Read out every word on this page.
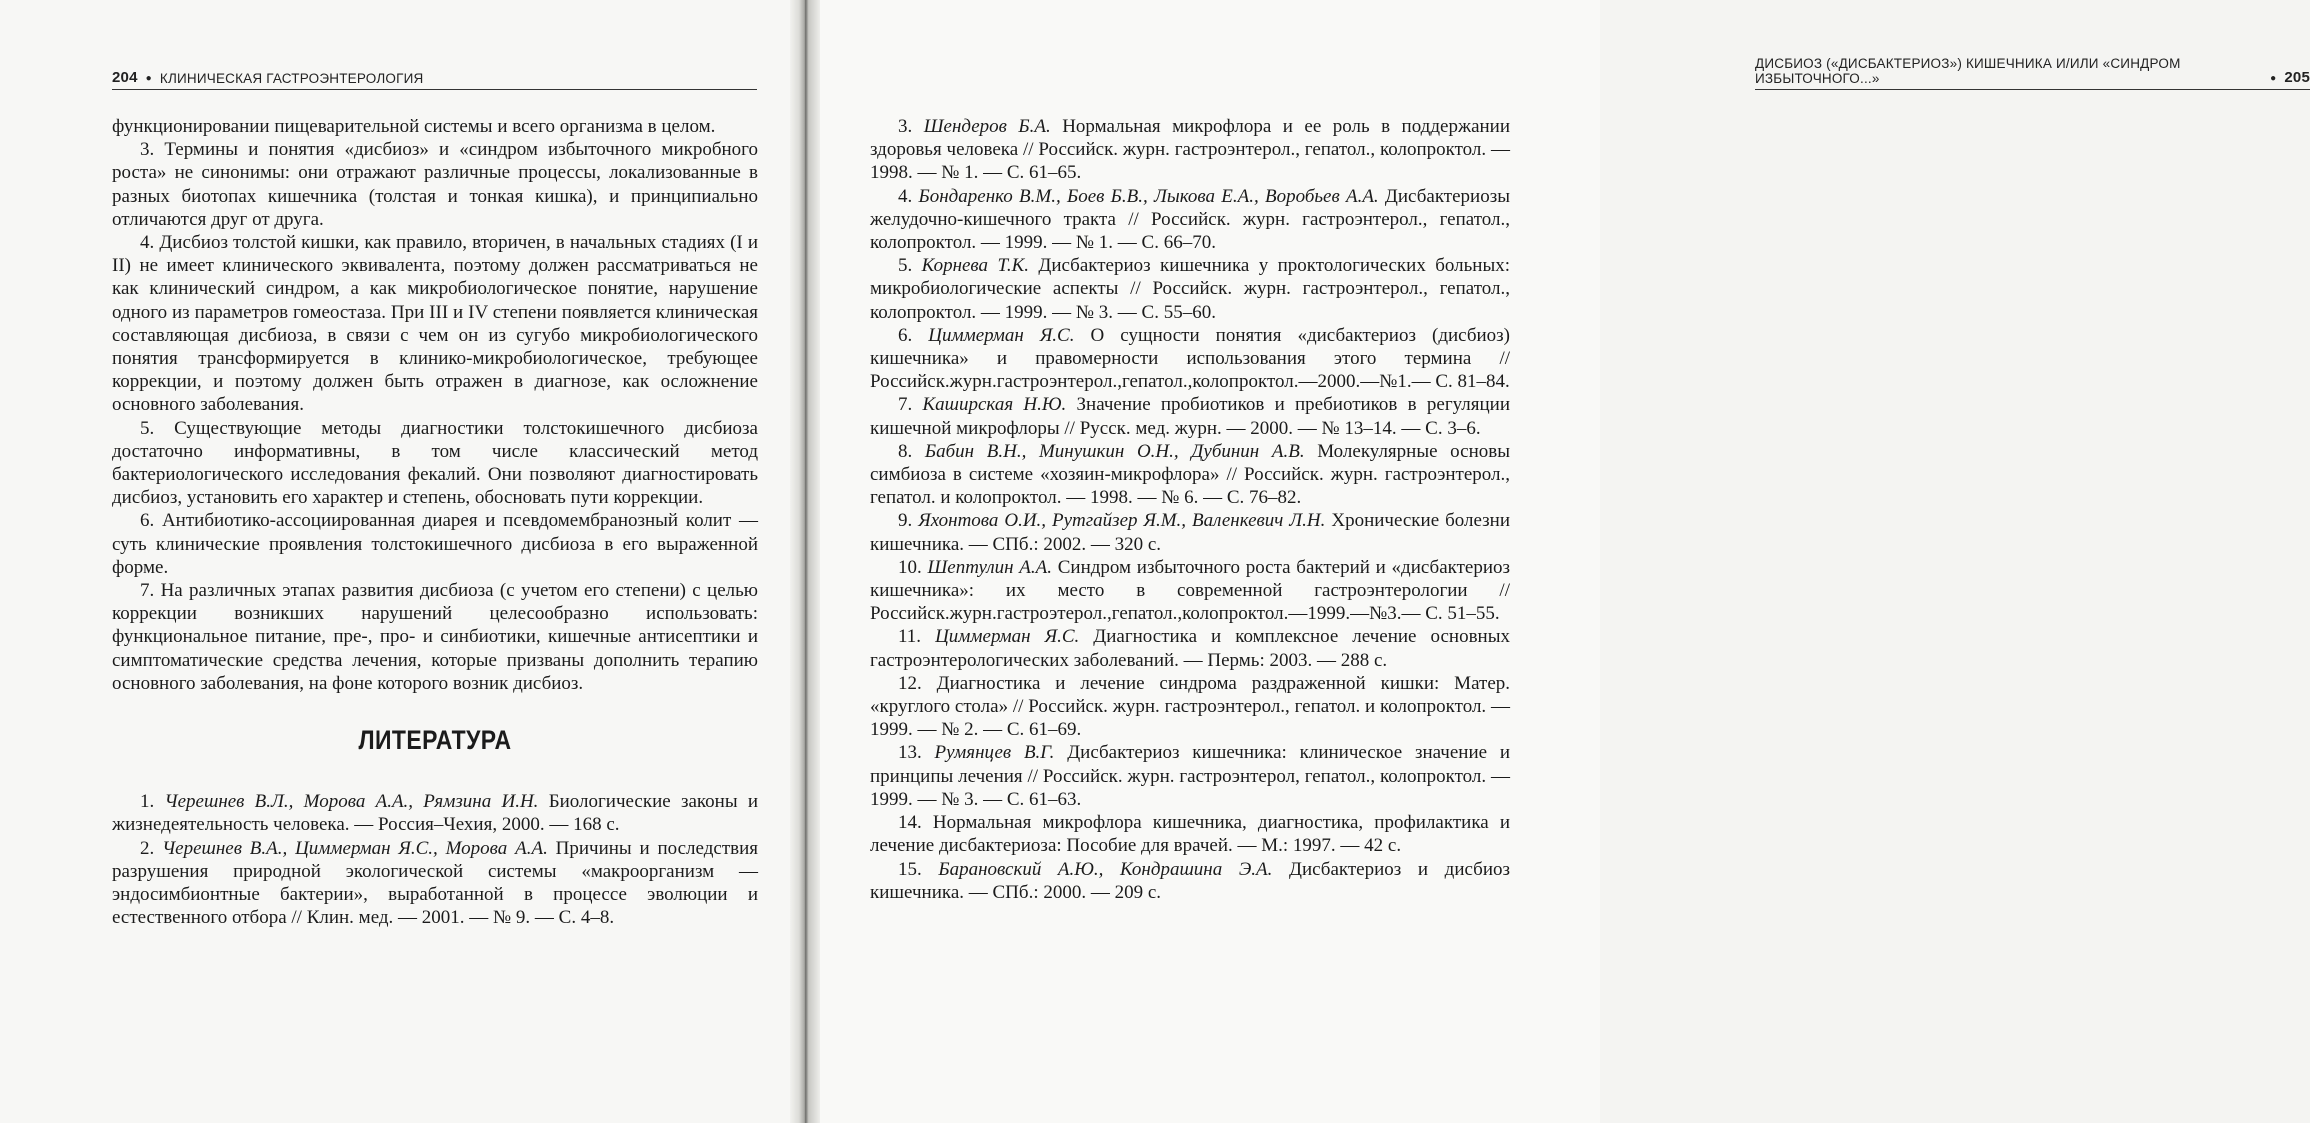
204 ● КЛИНИЧЕСКАЯ ГАСТРОЭНТЕРОЛОГИЯ

функционировании пищеварительной системы и всего организма в целом.

3. Термины и понятия «дисбиоз» и «синдром избыточного микробного роста» не синонимы: они отражают различные процессы, локализованные в разных биотопах кишечника (толстая и тонкая кишка), и принципиально отличаются друг от друга.

4. Дисбиоз толстой кишки, как правило, вторичен, в начальных стадиях (I и II) не имеет клинического эквивалента, поэтому должен рассматриваться не как клинический синдром, а как микробиологическое понятие, нарушение одного из параметров гомеостаза. При III и IV степени появляется клиническая составляющая дисбиоза, в связи с чем он из сугубо микробиологического понятия трансформируется в клинико-микробиологическое, требующее коррекции, и поэтому должен быть отражен в диагнозе, как осложнение основного заболевания.

5. Существующие методы диагностики толстокишечного дисбиоза достаточно информативны, в том числе классический метод бактериологического исследования фекалий. Они позволяют диагностировать дисбиоз, установить его характер и степень, обосновать пути коррекции.

6. Антибиотико-ассоциированная диарея и псевдомембранозный колит — суть клинические проявления толстокишечного дисбиоза в его выраженной форме.

7. На различных этапах развития дисбиоза (с учетом его степени) с целью коррекции возникших нарушений целесообразно использовать: функциональное питание, пре-, про- и синбиотики, кишечные антисептики и симптоматические средства лечения, которые призваны дополнить терапию основного заболевания, на фоне которого возник дисбиоз.

ЛИТЕРАТУРА

1. Черешнев В.Л., Морова А.А., Рямзина И.Н. Биологические законы и жизнедеятельность человека. — Россия–Чехия, 2000. — 168 с.

2. Черешнев В.А., Циммерман Я.С., Морова А.А. Причины и последствия разрушения природной экологической системы «макроорганизм — эндосимбионтные бактерии», выработанной в процессе эволюции и естественного отбора // Клин. мед. — 2001. — № 9. — С. 4–8.

ДИСБИОЗ («ДИСБАКТЕРИОЗ») КИШЕЧНИКА И/ИЛИ «СИНДРОМ ИЗБЫТОЧНОГО...»	● 205

3. Шендеров Б.А. Нормальная микрофлора и ее роль в поддержании здоровья человека // Российск. журн. гастроэнтерол., гепатол., колопроктол. — 1998. — № 1. — С. 61–65.

4. Бондаренко В.М., Боев Б.В., Лыкова Е.А., Воробьев А.А. Дисбактериозы желудочно-кишечного тракта // Российск. журн. гастроэнтерол., гепатол., колопроктол. — 1999. — № 1. — С. 66–70.

5. Корнева Т.К. Дисбактериоз кишечника у проктологических больных: микробиологические аспекты // Российск. журн. гастроэнтерол., гепатол., колопроктол. — 1999. — № 3. — С. 55–60.

6. Циммерман Я.С. О сущности понятия «дисбактериоз (дисбиоз) кишечника» и правомерности использования этого термина // Российск.журн.гастроэнтерол.,гепатол.,колопроктол.—2000.—№1.— С. 81–84.

7. Каширская Н.Ю. Значение пробиотиков и пребиотиков в регуляции кишечной микрофлоры // Русск. мед. журн. — 2000. — № 13–14. — С. 3–6.

8. Бабин В.Н., Минушкин О.Н., Дубинин А.В. Молекулярные основы симбиоза в системе «хозяин-микрофлора» // Российск. журн. гастроэнтерол., гепатол. и колопроктол. — 1998. — № 6. — С. 76–82.

9. Яхонтова О.И., Рутгайзер Я.М., Валенкевич Л.Н. Хронические болезни кишечника. — СПб.: 2002. — 320 с.

10. Шептулин А.А. Синдром избыточного роста бактерий и «дисбактериоз кишечника»: их место в современной гастроэнтерологии // Российск.журн.гастроэтерол.,гепатол.,колопроктол.—1999.—№3.— С. 51–55.

11. Циммерман Я.С. Диагностика и комплексное лечение основных гастроэнтерологических заболеваний. — Пермь: 2003. — 288 с.

12. Диагностика и лечение синдрома раздраженной кишки: Матер. «круглого стола» // Российск. журн. гастроэнтерол., гепатол. и колопроктол. — 1999. — № 2. — С. 61–69.

13. Румянцев В.Г. Дисбактериоз кишечника: клиническое значение и принципы лечения // Российск. журн. гастроэнтерол, гепатол., колопроктол. — 1999. — № 3. — С. 61–63.

14. Нормальная микрофлора кишечника, диагностика, профилактика и лечение дисбактериоза: Пособие для врачей. — М.: 1997. — 42 с.

15. Барановский А.Ю., Кондрашина Э.А. Дисбактериоз и дисбиоз кишечника. — СПб.: 2000. — 209 с.
